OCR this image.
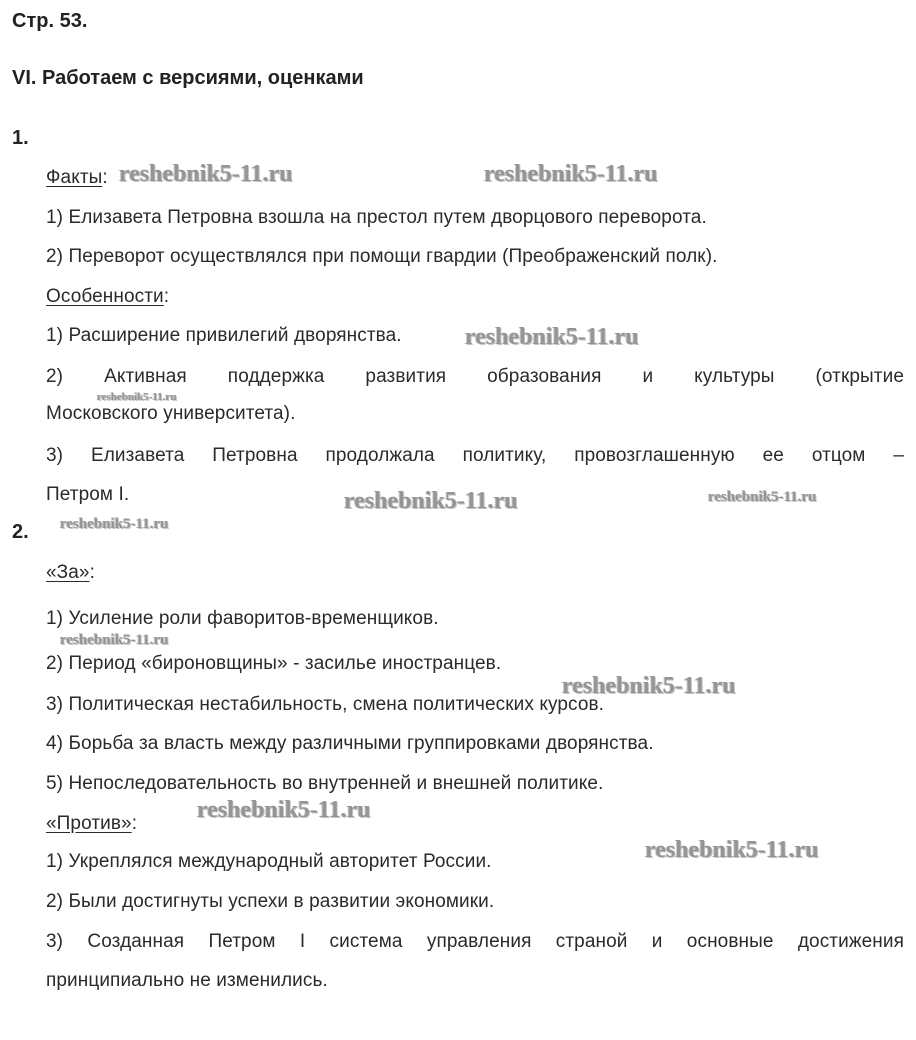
Стр. 53.
VI. Работаем с версиями, оценками
1.
Факты:
1) Елизавета Петровна взошла на престол путем дворцового переворота.
2) Переворот осуществлялся при помощи гвардии (Преображенский полк).
Особенности:
1) Расширение привилегий дворянства.
2) Активная поддержка развития образования и культуры (открытие
Московского университета).
3) Елизавета Петровна продолжала политику, провозглашенную ее отцом –
Петром I.
2.
«За»:
1) Усиление роли фаворитов-временщиков.
2) Период «бироновщины» - засилье иностранцев.
3) Политическая нестабильность, смена политических курсов.
4) Борьба за власть между различными группировками дворянства.
5) Непоследовательность во внутренней и внешней политике.
«Против»:
1) Укреплялся международный авторитет России.
2) Были достигнуты успехи в развитии экономики.
3) Созданная Петром I система управления страной и основные достижения
принципиально не изменились.
reshebnik5-11.ru	reshebnik5-11.ru
reshebnik5-11.ru
reshebnik5-11.ru
reshebnik5-11.ru	reshebnik5-11.ru
reshebnik5-11.ru
reshebnik5-11.ru
reshebnik5-11.ru
reshebnik5-11.ru
reshebnik5-11.ru
